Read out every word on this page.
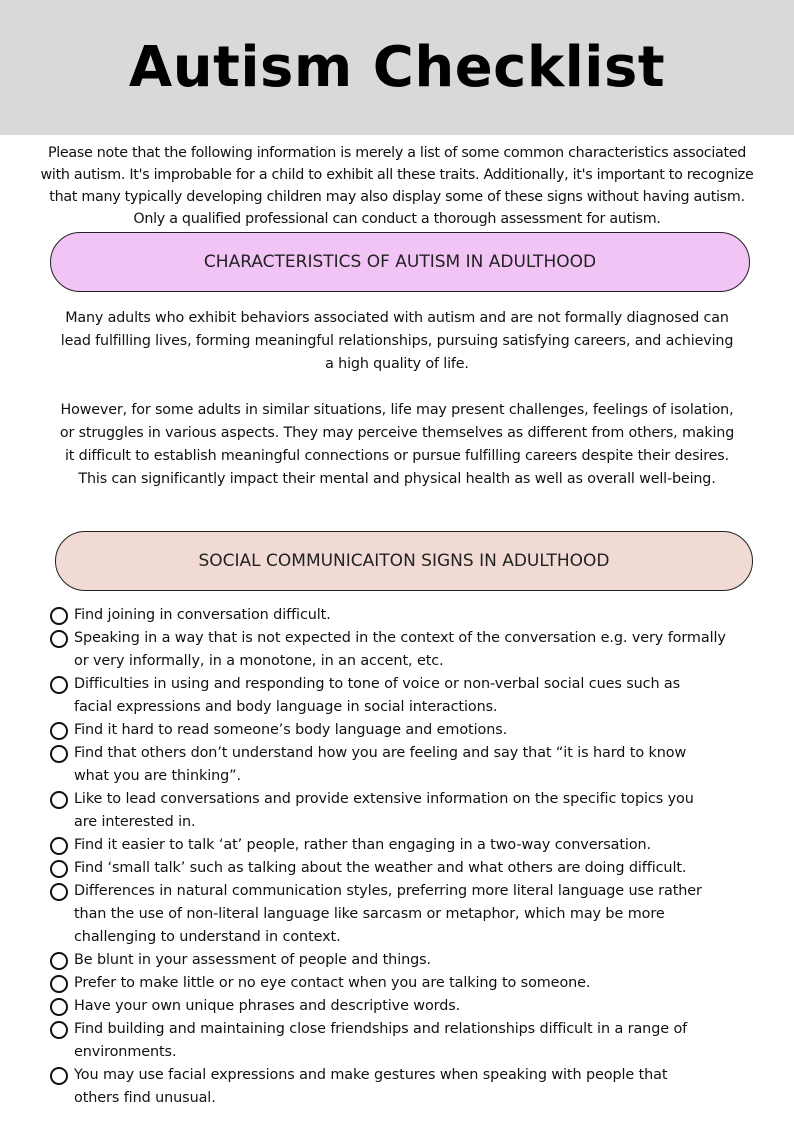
Autism Checklist
Please note that the following information is merely a list of some common characteristics associated
with autism. It's improbable for a child to exhibit all these traits. Additionally, it's important to recognize
that many typically developing children may also display some of these signs without having autism.
Only a qualified professional can conduct a thorough assessment for autism.
CHARACTERISTICS OF AUTISM IN ADULTHOOD
Many adults who exhibit behaviors associated with autism and are not formally diagnosed can
lead fulfilling lives, forming meaningful relationships, pursuing satisfying careers, and achieving
a high quality of life.
However, for some adults in similar situations, life may present challenges, feelings of isolation,
or struggles in various aspects. They may perceive themselves as different from others, making
it difficult to establish meaningful connections or pursue fulfilling careers despite their desires.
This can significantly impact their mental and physical health as well as overall well-being.
SOCIAL COMMUNICAITON SIGNS IN ADULTHOOD
Find joining in conversation difficult.
Speaking in a way that is not expected in the context of the conversation e.g. very formally
or very informally, in a monotone, in an accent, etc.
Difficulties in using and responding to tone of voice or non-verbal social cues such as
facial expressions and body language in social interactions.
Find it hard to read someone’s body language and emotions.
Find that others don’t understand how you are feeling and say that “it is hard to know
what you are thinking”.
Like to lead conversations and provide extensive information on the specific topics you
are interested in.
Find it easier to talk ‘at’ people, rather than engaging in a two-way conversation.
Find ‘small talk’ such as talking about the weather and what others are doing difficult.
Differences in natural communication styles, preferring more literal language use rather
than the use of non-literal language like sarcasm or metaphor, which may be more
challenging to understand in context.
Be blunt in your assessment of people and things.
Prefer to make little or no eye contact when you are talking to someone.
Have your own unique phrases and descriptive words.
Find building and maintaining close friendships and relationships difficult in a range of
environments.
You may use facial expressions and make gestures when speaking with people that
others find unusual.
